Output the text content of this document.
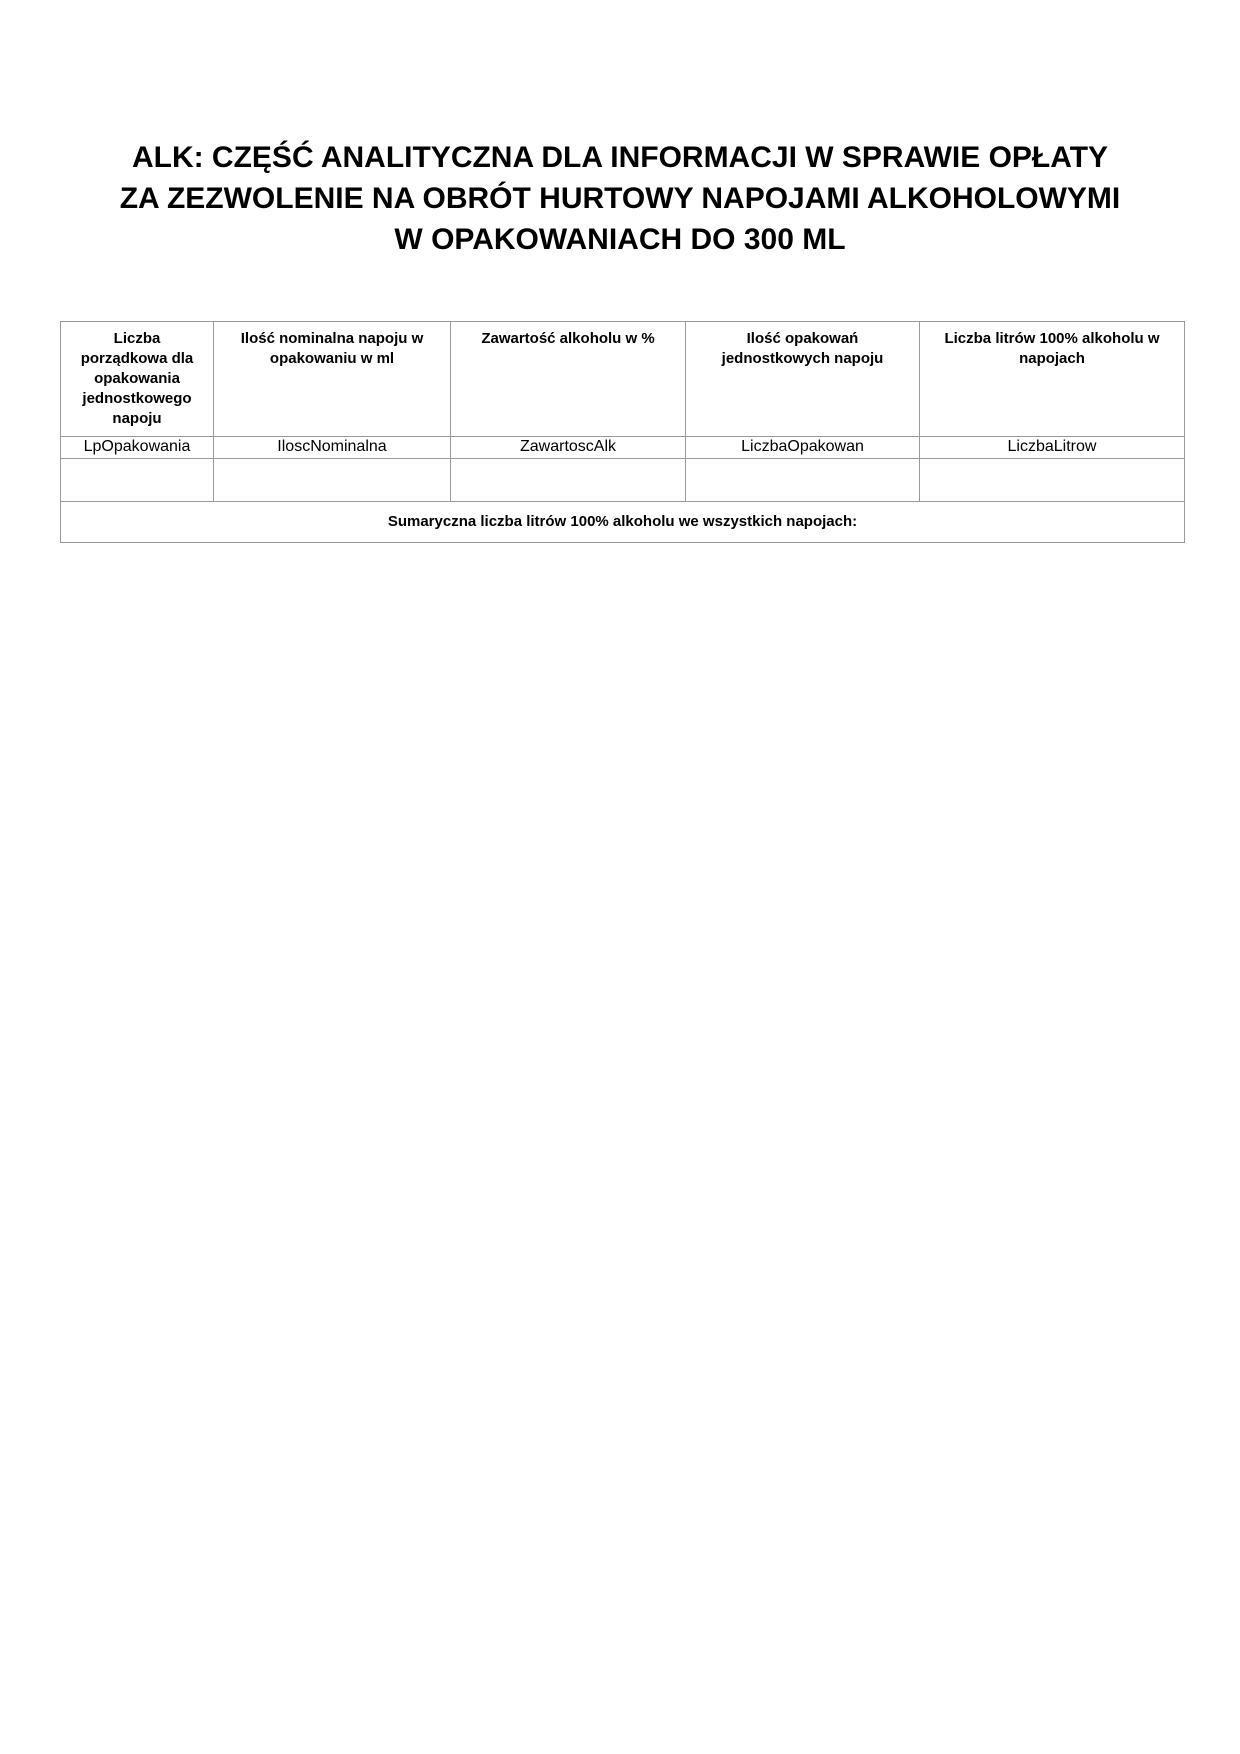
ALK: CZĘŚĆ ANALITYCZNA DLA INFORMACJI W SPRAWIE OPŁATY
ZA ZEZWOLENIE NA OBRÓT HURTOWY NAPOJAMI ALKOHOLOWYMI
W OPAKOWANIACH DO 300 ML
Liczba porządkowa dla opakowania jednostkowego napoju	Ilość nominalna napoju w opakowaniu w ml	Zawartość alkoholu w %	Ilość opakowań jednostkowych napoju	Liczba litrów 100% alkoholu w napojach

LpOpakowania	IloscNominalna	ZawartoscAlk	LiczbaOpakowan	LiczbaLitrow

Sumaryczna liczba litrów 100% alkoholu we wszystkich napojach:				
